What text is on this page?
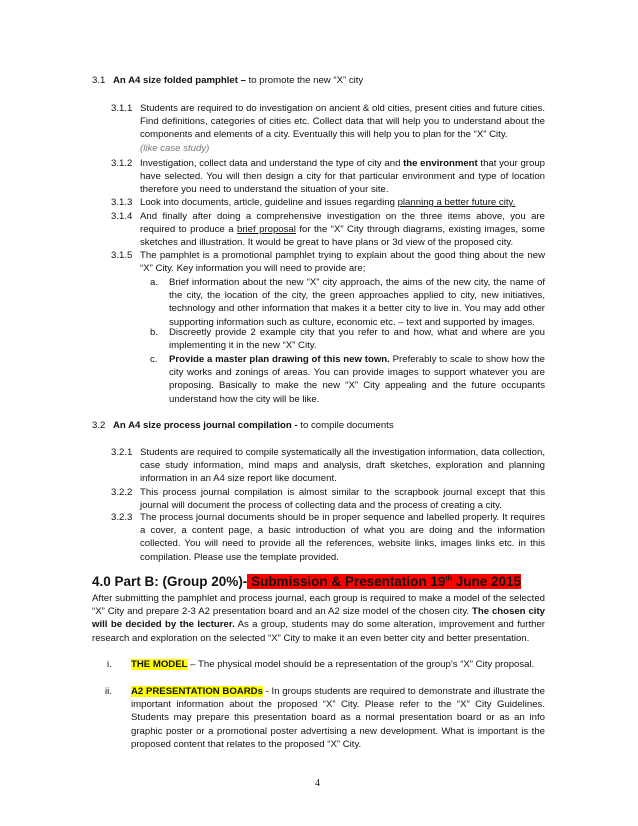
3.1 An A4 size folded pamphlet – to promote the new “X” city
3.1.1 Students are required to do investigation on ancient & old cities, present cities and future cities. Find definitions, categories of cities etc. Collect data that will help you to understand about the components and elements of a city. Eventually this will help you to plan for the “X” City.
(like case study)
3.1.2 Investigation, collect data and understand the type of city and the environment that your group have selected. You will then design a city for that particular environment and type of location therefore you need to understand the situation of your site.
3.1.3 Look into documents, article, guideline and issues regarding planning a better future city.
3.1.4 And finally after doing a comprehensive investigation on the three items above, you are required to produce a brief proposal for the “X” City through diagrams, existing images, some sketches and illustration. It would be great to have plans or 3d view of the proposed city.
3.1.5 The pamphlet is a promotional pamphlet trying to explain about the good thing about the new “X” City. Key information you will need to provide are;
a. Brief information about the new “X” city approach, the aims of the new city, the name of the city, the location of the city, the green approaches applied to city, new initiatives, technology and other information that makes it a better city to live in. You may add other supporting information such as culture, economic etc. – text and supported by images.
b. Discreetly provide 2 example city that you refer to and how, what and where are you implementing it in the new “X” City.
c. Provide a master plan drawing of this new town. Preferably to scale to show how the city works and zonings of areas. You can provide images to support whatever you are proposing. Basically to make the new “X” City appealing and the future occupants understand how the city will be like.
3.2 An A4 size process journal compilation - to compile documents
3.2.1 Students are required to compile systematically all the investigation information, data collection, case study information, mind maps and analysis, draft sketches, exploration and planning information in an A4 size report like document.
3.2.2 This process journal compilation is almost similar to the scrapbook journal except that this journal will document the process of collecting data and the process of creating a city.
3.2.3 The process journal documents should be in proper sequence and labelled properly. It requires a cover, a content page, a basic introduction of what you are doing and the information collected. You will need to provide all the references, website links, images links etc. in this compilation. Please use the template provided.
4.0 Part B: (Group 20%)- Submission & Presentation 19th June 2015
After submitting the pamphlet and process journal, each group is required to make a model of the selected “X” City and prepare 2-3 A2 presentation board and an A2 size model of the chosen city. The chosen city will be decided by the lecturer. As a group, students may do some alteration, improvement and further research and exploration on the selected “X” City to make it an even better city and better presentation.
i. THE MODEL – The physical model should be a representation of the group’s “X” City proposal.
ii. A2 PRESENTATION BOARDs - In groups students are required to demonstrate and illustrate the important information about the proposed “X” City. Please refer to the “X” City Guidelines. Students may prepare this presentation board as a normal presentation board or as an info graphic poster or a promotional poster advertising a new development. What is important is the proposed content that relates to the proposed “X” City.
4
